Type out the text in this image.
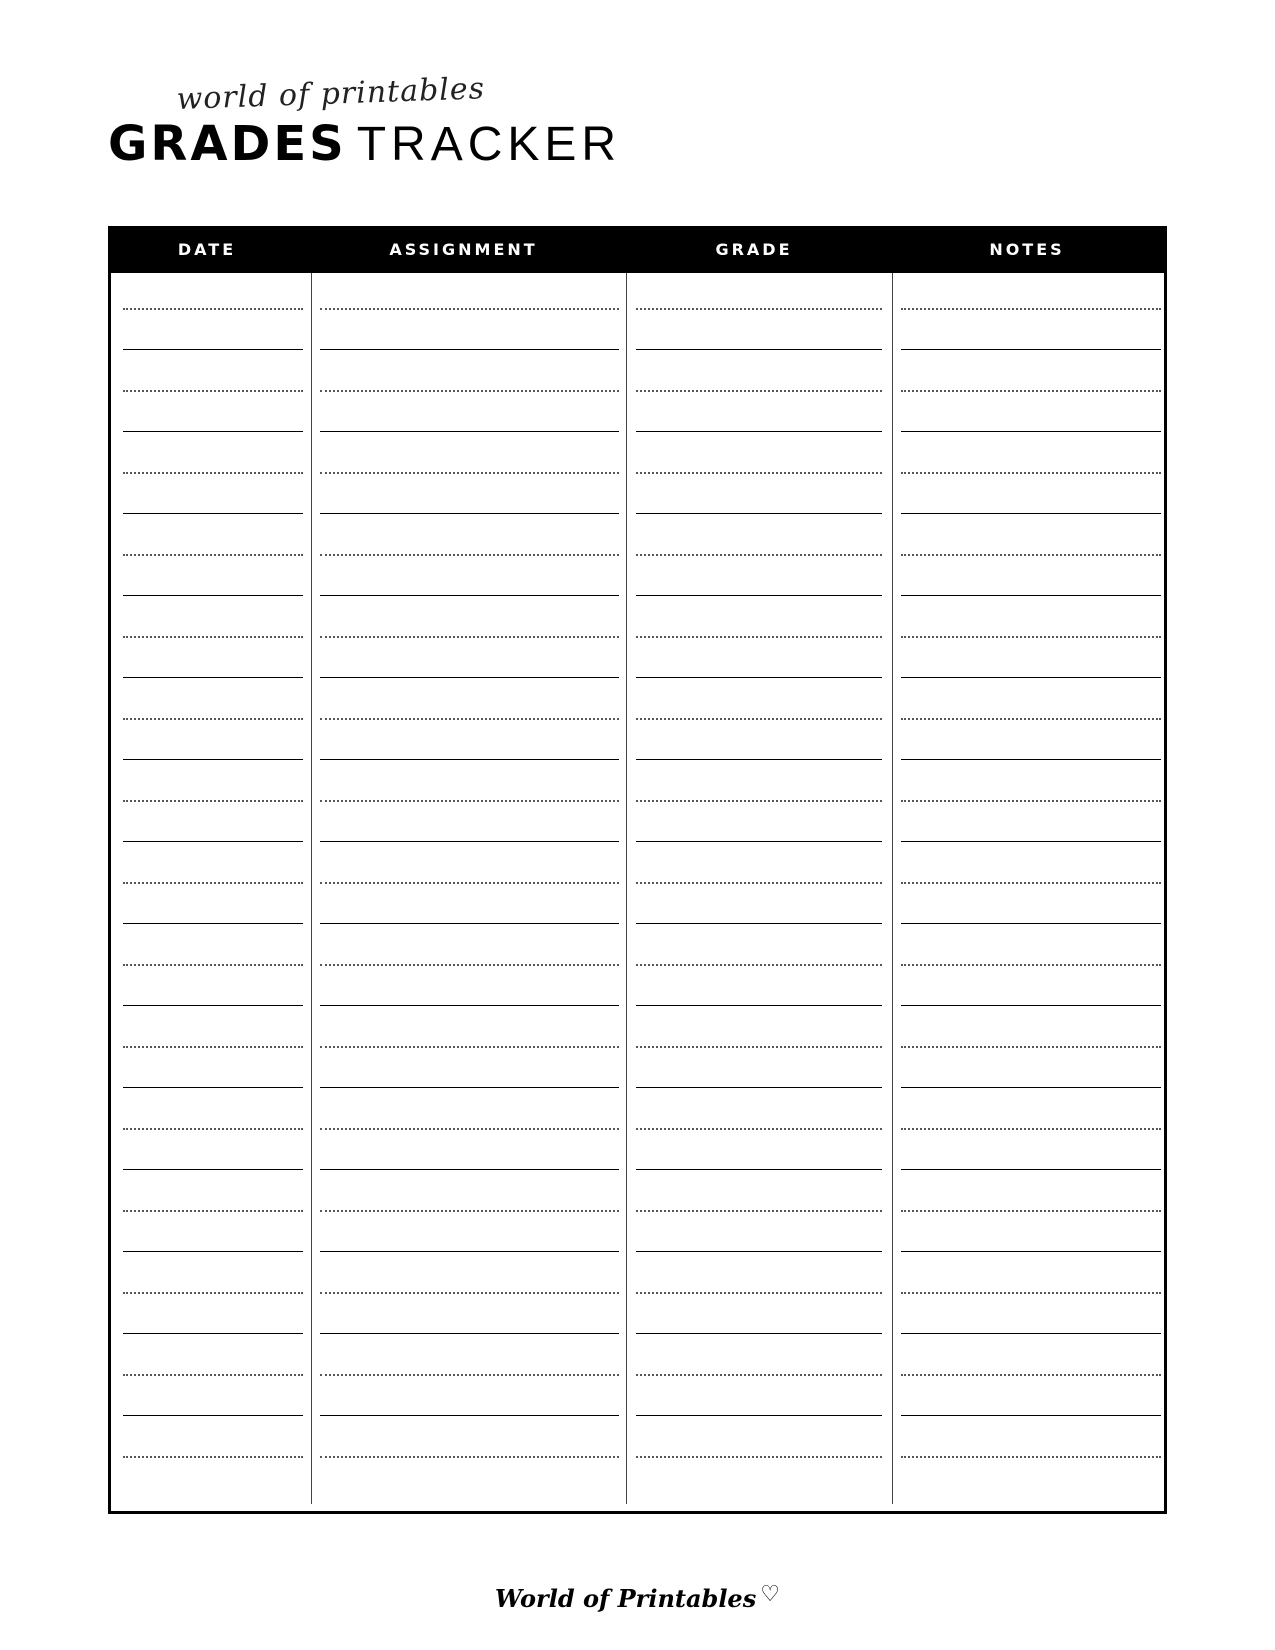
world of printables
GRADES TRACKER
DATE	ASSIGNMENT	GRADE	NOTES
World of Printables ♡
